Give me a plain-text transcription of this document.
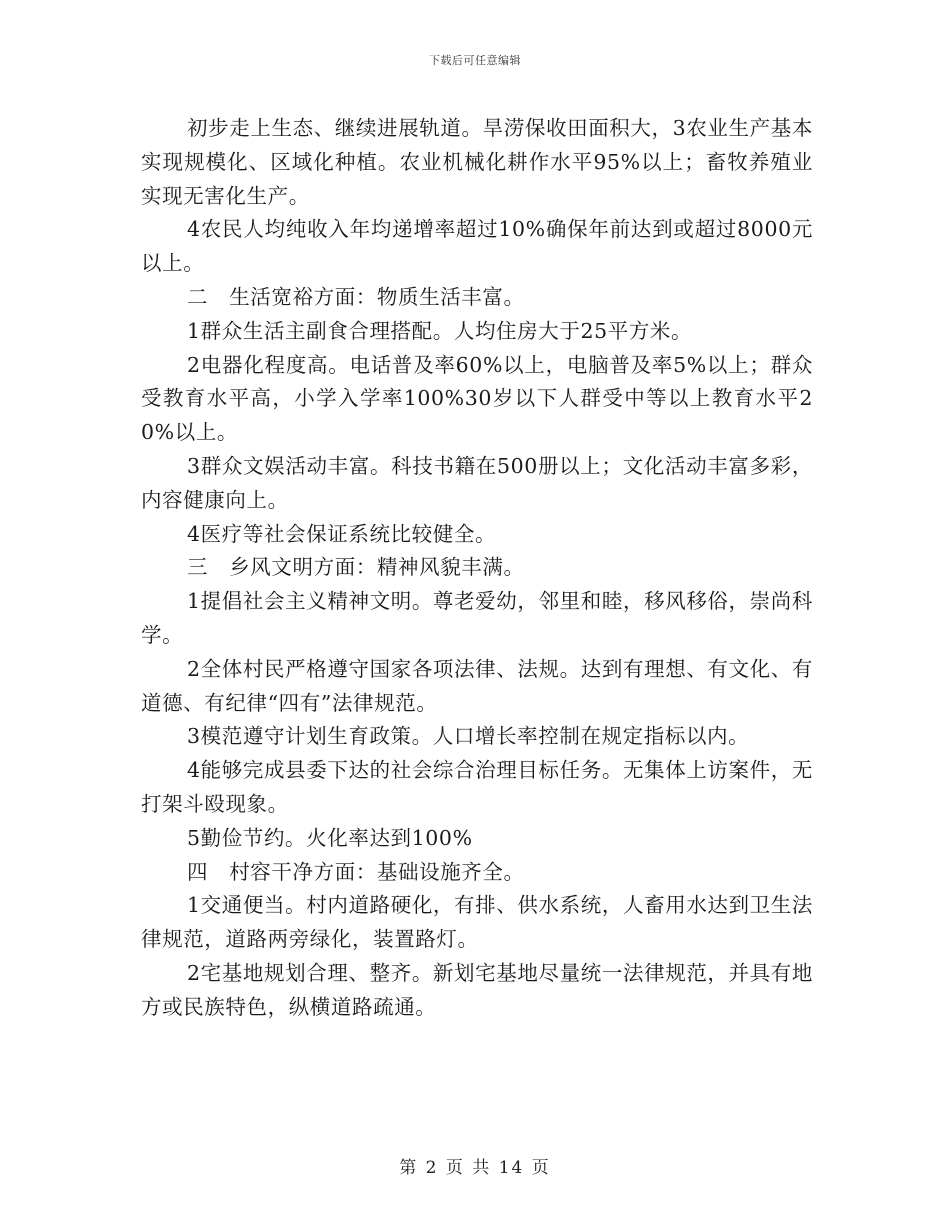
下载后可任意编辑

初步走上生态、继续进展轨道。旱涝保收田面积大，3农业生产基本实现规模化、区域化种植。农业机械化耕作水平95%以上；畜牧养殖业实现无害化生产。

4农民人均纯收入年均递增率超过10%确保年前达到或超过8000元以上。

二　生活宽裕方面：物质生活丰富。

1群众生活主副食合理搭配。人均住房大于25平方米。

2电器化程度高。电话普及率60%以上，电脑普及率5%以上；群众受教育水平高，小学入学率100%30岁以下人群受中等以上教育水平20%以上。

3群众文娱活动丰富。科技书籍在500册以上；文化活动丰富多彩，内容健康向上。

4医疗等社会保证系统比较健全。

三　乡风文明方面：精神风貌丰满。

1提倡社会主义精神文明。尊老爱幼，邻里和睦，移风移俗，崇尚科学。

2全体村民严格遵守国家各项法律、法规。达到有理想、有文化、有道德、有纪律“四有”法律规范。

3模范遵守计划生育政策。人口增长率控制在规定指标以内。

4能够完成县委下达的社会综合治理目标任务。无集体上访案件，无打架斗殴现象。

5勤俭节约。火化率达到100%

四　村容干净方面：基础设施齐全。

1交通便当。村内道路硬化，有排、供水系统，人畜用水达到卫生法律规范，道路两旁绿化，装置路灯。

2宅基地规划合理、整齐。新划宅基地尽量统一法律规范，并具有地方或民族特色，纵横道路疏通。

第 2 页 共 14 页
